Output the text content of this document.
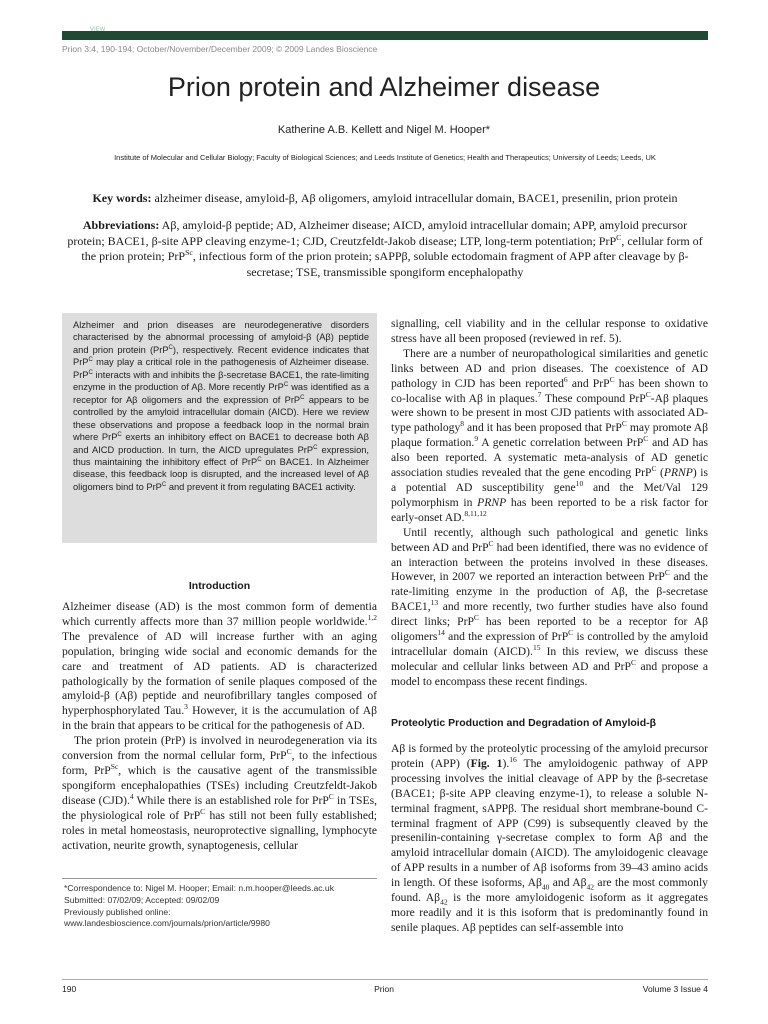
VIEW
Prion 3:4, 190-194; October/November/December 2009; © 2009 Landes Bioscience
Prion protein and Alzheimer disease
Katherine A.B. Kellett and Nigel M. Hooper*
Institute of Molecular and Cellular Biology; Faculty of Biological Sciences; and Leeds Institute of Genetics; Health and Therapeutics; University of Leeds; Leeds, UK
Key words: alzheimer disease, amyloid-β, Aβ oligomers, amyloid intracellular domain, BACE1, presenilin, prion protein
Abbreviations: Aβ, amyloid-β peptide; AD, Alzheimer disease; AICD, amyloid intracellular domain; APP, amyloid precursor protein; BACE1, β-site APP cleaving enzyme-1; CJD, Creutzfeldt-Jakob disease; LTP, long-term potentiation; PrP$^C$, cellular form of the prion protein; PrP$^{Sc}$, infectious form of the prion protein; sAPPβ, soluble ectodomain fragment of APP after cleavage by β-secretase; TSE, transmissible spongiform encephalopathy
Alzheimer and prion diseases are neurodegenerative disorders characterised by the abnormal processing of amyloid-β (Aβ) peptide and prion protein (PrP$^C$), respectively. Recent evidence indicates that PrP$^C$ may play a critical role in the pathogenesis of Alzheimer disease. PrP$^C$ interacts with and inhibits the β-secretase BACE1, the rate-limiting enzyme in the production of Aβ. More recently PrP$^C$ was identified as a receptor for Aβ oligomers and the expression of PrP$^C$ appears to be controlled by the amyloid intracellular domain (AICD). Here we review these observations and propose a feedback loop in the normal brain where PrP$^C$ exerts an inhibitory effect on BACE1 to decrease both Aβ and AICD production. In turn, the AICD upregulates PrP$^C$ expression, thus maintaining the inhibitory effect of PrP$^C$ on BACE1. In Alzheimer disease, this feedback loop is disrupted, and the increased level of Aβ oligomers bind to PrP$^C$ and prevent it from regulating BACE1 activity.
Introduction

Alzheimer disease (AD) is the most common form of dementia which currently affects more than 37 million people worldwide.$^{1,2}$ The prevalence of AD will increase further with an aging population, bringing wide social and economic demands for the care and treatment of AD patients. AD is characterized pathologically by the formation of senile plaques composed of the amyloid-β (Aβ) peptide and neurofibrillary tangles composed of hyperphosphorylated Tau.$^3$ However, it is the accumulation of Aβ in the brain that appears to be critical for the pathogenesis of AD.

The prion protein (PrP) is involved in neurodegeneration via its conversion from the normal cellular form, PrP$^C$, to the infectious form, PrP$^{Sc}$, which is the causative agent of the transmissible spongiform encephalopathies (TSEs) including Creutzfeldt-Jakob disease (CJD).$^4$ While there is an established role for PrP$^C$ in TSEs, the physiological role of PrP$^C$ has still not been fully established; roles in metal homeostasis, neuroprotective signalling, lymphocyte activation, neurite growth, synaptogenesis, cellular

signalling, cell viability and in the cellular response to oxidative stress have all been proposed (reviewed in ref. 5).

There are a number of neuropathological similarities and genetic links between AD and prion diseases. The coexistence of AD pathology in CJD has been reported$^6$ and PrP$^C$ has been shown to co-localise with Aβ in plaques.$^7$ These compound PrP$^C$-Aβ plaques were shown to be present in most CJD patients with associated AD-type pathology$^8$ and it has been proposed that PrP$^C$ may promote Aβ plaque formation.$^9$ A genetic correlation between PrP$^C$ and AD has also been reported. A systematic meta-analysis of AD genetic association studies revealed that the gene encoding PrP$^C$ (PRNP) is a potential AD susceptibility gene$^{10}$ and the Met/Val 129 polymorphism in PRNP has been reported to be a risk factor for early-onset AD.$^{8,11,12}$

Until recently, although such pathological and genetic links between AD and PrP$^C$ had been identified, there was no evidence of an interaction between the proteins involved in these diseases. However, in 2007 we reported an interaction between PrP$^C$ and the rate-limiting enzyme in the production of Aβ, the β-secretase BACE1,13 and more recently, two further studies have also found direct links; PrP$^C$ has been reported to be a receptor for Aβ oligomers$^{14}$ and the expression of PrP$^C$ is controlled by the amyloid intracellular domain (AICD).$^{15}$ In this review, we discuss these molecular and cellular links between AD and PrP$^C$ and propose a model to encompass these recent findings.

Proteolytic Production and Degradation of Amyloid-β

Aβ is formed by the proteolytic processing of the amyloid precursor protein (APP) (Fig. 1).$^{16}$ The amyloidogenic pathway of APP processing involves the initial cleavage of APP by the β-secretase (BACE1; β-site APP cleaving enzyme-1), to release a soluble N-terminal fragment, sAPPβ. The residual short membrane-bound C-terminal fragment of APP (C99) is subsequently cleaved by the presenilin-containing γ-secretase complex to form Aβ and the amyloid intracellular domain (AICD). The amyloidogenic cleavage of APP results in a number of Aβ isoforms from 39–43 amino acids in length. Of these isoforms, $A\beta_{40}$ and $A\beta_{42}$ are the most commonly found. $A\beta_{42}$ is the more amyloidogenic isoform as it aggregates more readily and it is this isoform that is predominantly found in senile plaques. Aβ peptides can self-assemble into

*Correspondence to: Nigel M. Hooper; Email: n.m.hooper@leeds.ac.uk
Submitted: 07/02/09; Accepted: 09/02/09
Previously published online:
www.landesbioscience.com/journals/prion/article/9980
190	Prion	Volume 3 Issue 4
